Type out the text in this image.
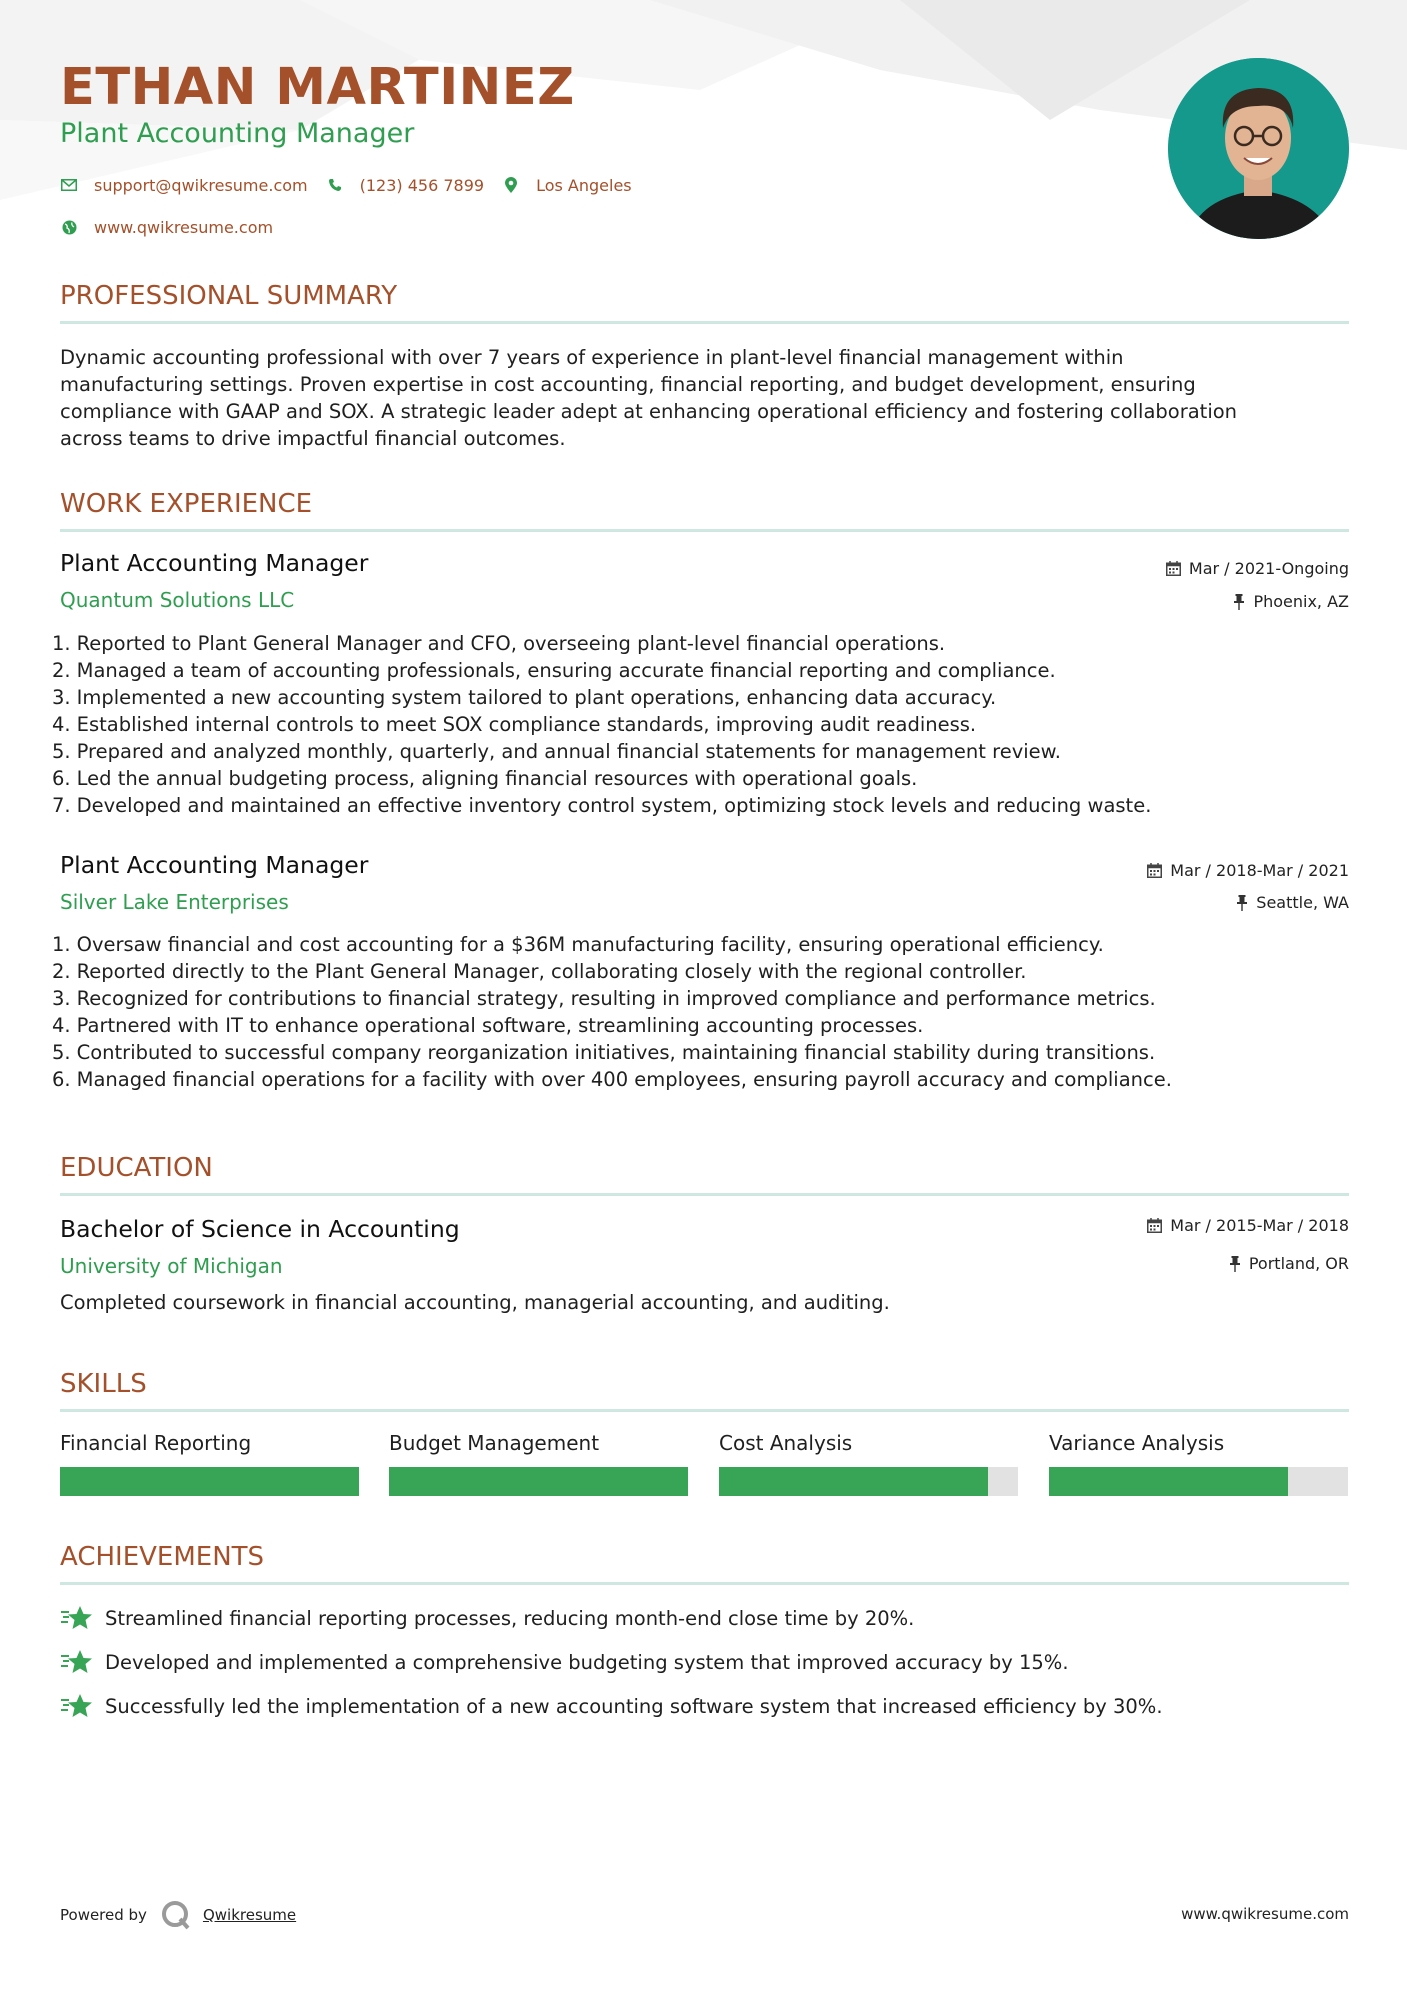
ETHAN MARTINEZ
Plant Accounting Manager
support@qwikresume.com	(123) 456 7899	Los Angeles
www.qwikresume.com
PROFESSIONAL SUMMARY
Dynamic accounting professional with over 7 years of experience in plant-level financial management within
manufacturing settings. Proven expertise in cost accounting, financial reporting, and budget development, ensuring
compliance with GAAP and SOX. A strategic leader adept at enhancing operational efficiency and fostering collaboration
across teams to drive impactful financial outcomes.
WORK EXPERIENCE
Plant Accounting Manager
Quantum Solutions LLC
Mar / 2021-Ongoing
Phoenix, AZ
1 . Reported to Plant General Manager and CFO, overseeing plant-level financial operations.
2 . Managed a team of accounting professionals, ensuring accurate financial reporting and compliance.
3 . Implemented a new accounting system tailored to plant operations, enhancing data accuracy.
4 . Established internal controls to meet SOX compliance standards, improving audit readiness.
5 . Prepared and analyzed monthly, quarterly, and annual financial statements for management review.
6 . Led the annual budgeting process, aligning financial resources with operational goals.
7 . Developed and maintained an effective inventory control system, optimizing stock levels and reducing waste.
Plant Accounting Manager
Silver Lake Enterprises
Mar / 2018-Mar / 2021
Seattle, WA
1 . Oversaw financial and cost accounting for a $36M manufacturing facility, ensuring operational efficiency.
2 . Reported directly to the Plant General Manager, collaborating closely with the regional controller.
3 . Recognized for contributions to financial strategy, resulting in improved compliance and performance metrics.
4 . Partnered with IT to enhance operational software, streamlining accounting processes.
5 . Contributed to successful company reorganization initiatives, maintaining financial stability during transitions.
6 . Managed financial operations for a facility with over 400 employees, ensuring payroll accuracy and compliance.
EDUCATION
Bachelor of Science in Accounting
University of Michigan
Mar / 2015-Mar / 2018
Portland, OR
Completed coursework in financial accounting, managerial accounting, and auditing.
SKILLS
Financial Reporting	Budget Management	Cost Analysis	Variance Analysis
ACHIEVEMENTS
Streamlined financial reporting processes, reducing month-end close time by 20%.
Developed and implemented a comprehensive budgeting system that improved accuracy by 15%.
Successfully led the implementation of a new accounting software system that increased efficiency by 30%.
Powered by	Qwikresume	www.qwikresume.com
